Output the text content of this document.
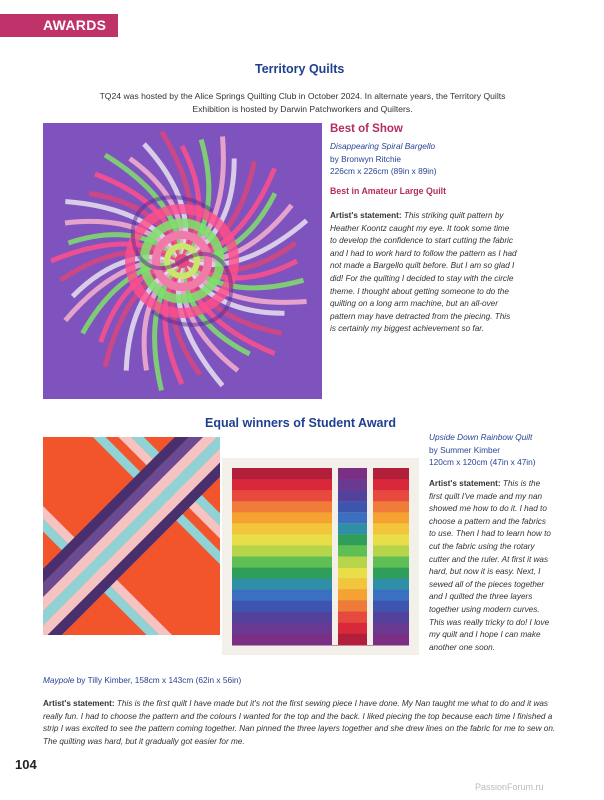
AWARDS
Territory Quilts
TQ24 was hosted by the Alice Springs Quilting Club in October 2024. In alternate years, the Territory Quilts Exhibition is hosted by Darwin Patchworkers and Quilters.
Best of Show
Disappearing Spiral Bargello
by Bronwyn Ritchie
226cm x 226cm (89in x 89in)
Best in Amateur Large Quilt
Artist's statement: This striking quilt pattern by Heather Koontz caught my eye. It took some time to develop the confidence to start cutting the fabric and I had to work hard to follow the pattern as I had not made a Bargello quilt before. But I am so glad I did! For the quilting I decided to stay with the circle theme. I thought about getting someone to do the quilting on a long arm machine, but an all-over pattern may have detracted from the piecing. This is certainly my biggest achievement so far.
Equal winners of Student Award
Upside Down Rainbow Quilt
by Summer Kimber
120cm x 120cm (47in x 47in)
Artist's statement: This is the first quilt I've made and my nan showed me how to do it. I had to choose a pattern and the fabrics to use. Then I had to learn how to cut the fabric using the rotary cutter and the ruler. At first it was hard, but now it is easy. Next, I sewed all of the pieces together and I quilted the three layers together using modern curves. This was really tricky to do! I love my quilt and I hope I can make another one soon.
Maypole by Tilly Kimber, 158cm x 143cm (62in x 56in)
Artist's statement: This is the first quilt I have made but it's not the first sewing piece I have done. My Nan taught me what to do and it was really fun. I had to choose the pattern and the colours I wanted for the top and the back. I liked piecing the top because each time I finished a strip I was excited to see the pattern coming together. Nan pinned the three layers together and she drew lines on the fabric for me to sew on. The quilting was hard, but it gradually got easier for me.
104
PassionForum.ru
